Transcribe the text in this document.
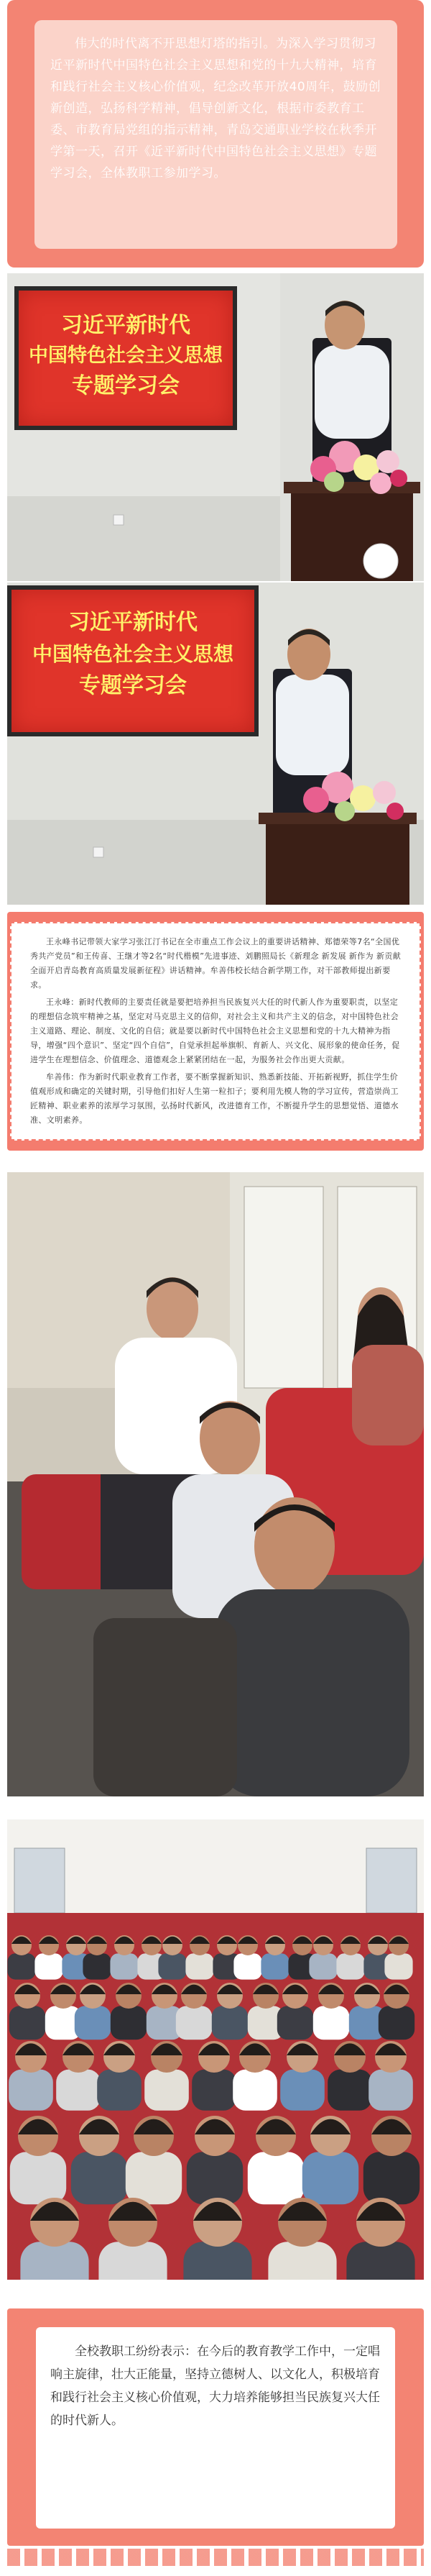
伟大的时代离不开思想灯塔的指引。为深入学习贯彻习近平新时代中国特色社会主义思想和党的十九大精神，培育和践行社会主义核心价值观，纪念改革开放40周年，鼓励创新创造，弘扬科学精神，倡导创新文化，根据市委教育工委、市教育局党组的指示精神，青岛交通职业学校在秋季开学第一天，召开《近平新时代中国特色社会主义思想》专题学习会，全体教职工参加学习。

习近平新时代
中国特色社会主义思想
专题学习会
习近平新时代
中国特色社会主义思想
专题学习会

王永峰书记带领大家学习张江汀书记在全市重点工作会议上的重要讲话精神、郑德荣等7名“全国优秀共产党员”和王传喜、王继才等2名“时代楷模”先进事迹、刘鹏照局长《新理念 新发展 新作为 新贡献 全面开启青岛教育高质量发展新征程》讲话精神。牟善伟校长结合新学期工作，对干部教师提出新要求。

王永峰：新时代教师的主要责任就是要把培养担当民族复兴大任的时代新人作为重要职责，以坚定的理想信念筑牢精神之基，坚定对马克思主义的信仰，对社会主义和共产主义的信念，对中国特色社会主义道路、理论、制度、文化的自信；就是要以新时代中国特色社会主义思想和党的十九大精神为指导，增强“四个意识”、坚定“四个自信”，自觉承担起举旗帜、育新人、兴文化、展形象的使命任务，促进学生在理想信念、价值理念、道德观念上紧紧团结在一起，为服务社会作出更大贡献。

牟善伟：作为新时代职业教育工作者，要不断掌握新知识、熟悉新技能、开拓新视野，抓住学生价值观形成和确定的关键时期，引导他们扣好人生第一粒扣子；要利用先模人物的学习宣传，营造崇尚工匠精神、职业素养的浓厚学习氛围，弘扬时代新风，改进德育工作，不断提升学生的思想觉悟、道德水准、文明素养。

全校教职工纷纷表示：在今后的教育教学工作中，一定唱响主旋律，壮大正能量，坚持立德树人、以文化人，积极培育和践行社会主义核心价值观，大力培养能够担当民族复兴大任的时代新人。
